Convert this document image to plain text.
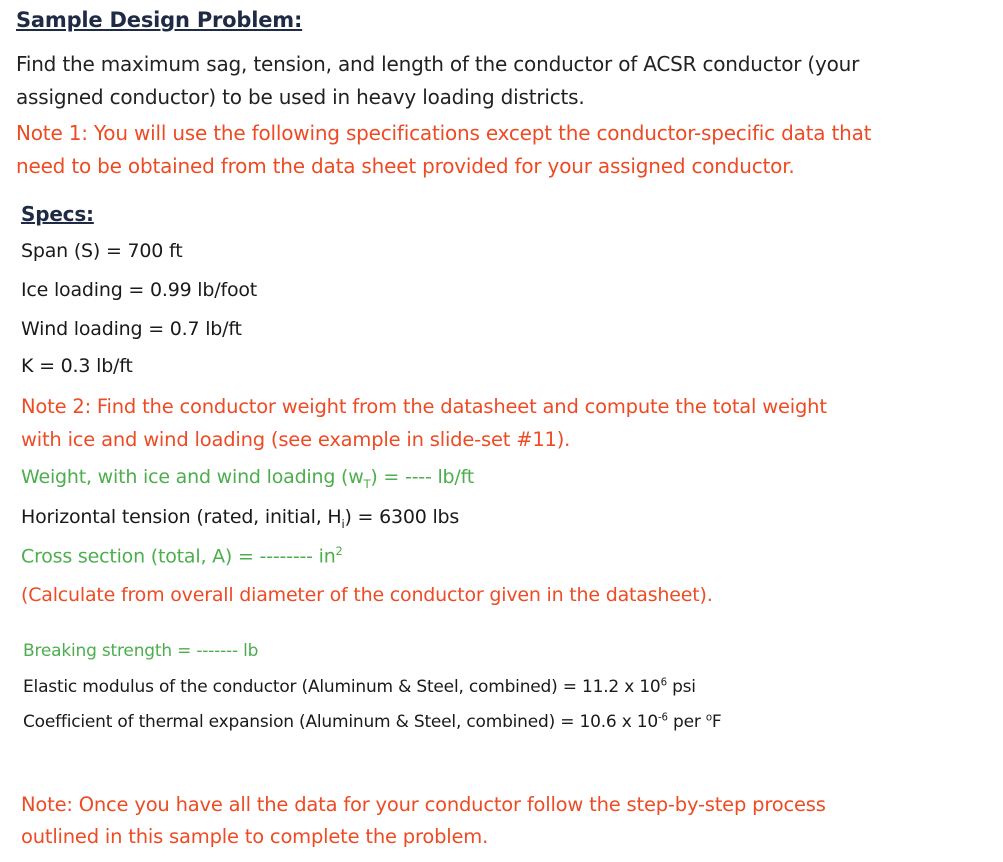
Sample Design Problem:
Find the maximum sag, tension, and length of the conductor of ACSR conductor (your
assigned conductor) to be used in heavy loading districts.
Note 1: You will use the following specifications except the conductor-specific data that
need to be obtained from the data sheet provided for your assigned conductor.
Specs:
Span (S) = 700 ft
Ice loading = 0.99 lb/foot
Wind loading = 0.7 lb/ft
K = 0.3 lb/ft
Note 2: Find the conductor weight from the datasheet and compute the total weight
with ice and wind loading (see example in slide-set #11).
Weight, with ice and wind loading $(w_T)$ = ---- lb/ft
Horizontal tension (rated, initial, $H_i) = 6300$ lbs
Cross section (total, A) = -------- $in^2$
(Calculate from overall diameter of the conductor given in the datasheet).
Breaking strength = ------- lb
Elastic modulus of the conductor (Aluminum & Steel, combined) = 11.2 x $10^6$ psi
Coefficient of thermal expansion (Aluminum & Steel, combined) = 10.6 x $10^{-6}$ per $^o$F
Note: Once you have all the data for your conductor follow the step-by-step process
outlined in this sample to complete the problem.
